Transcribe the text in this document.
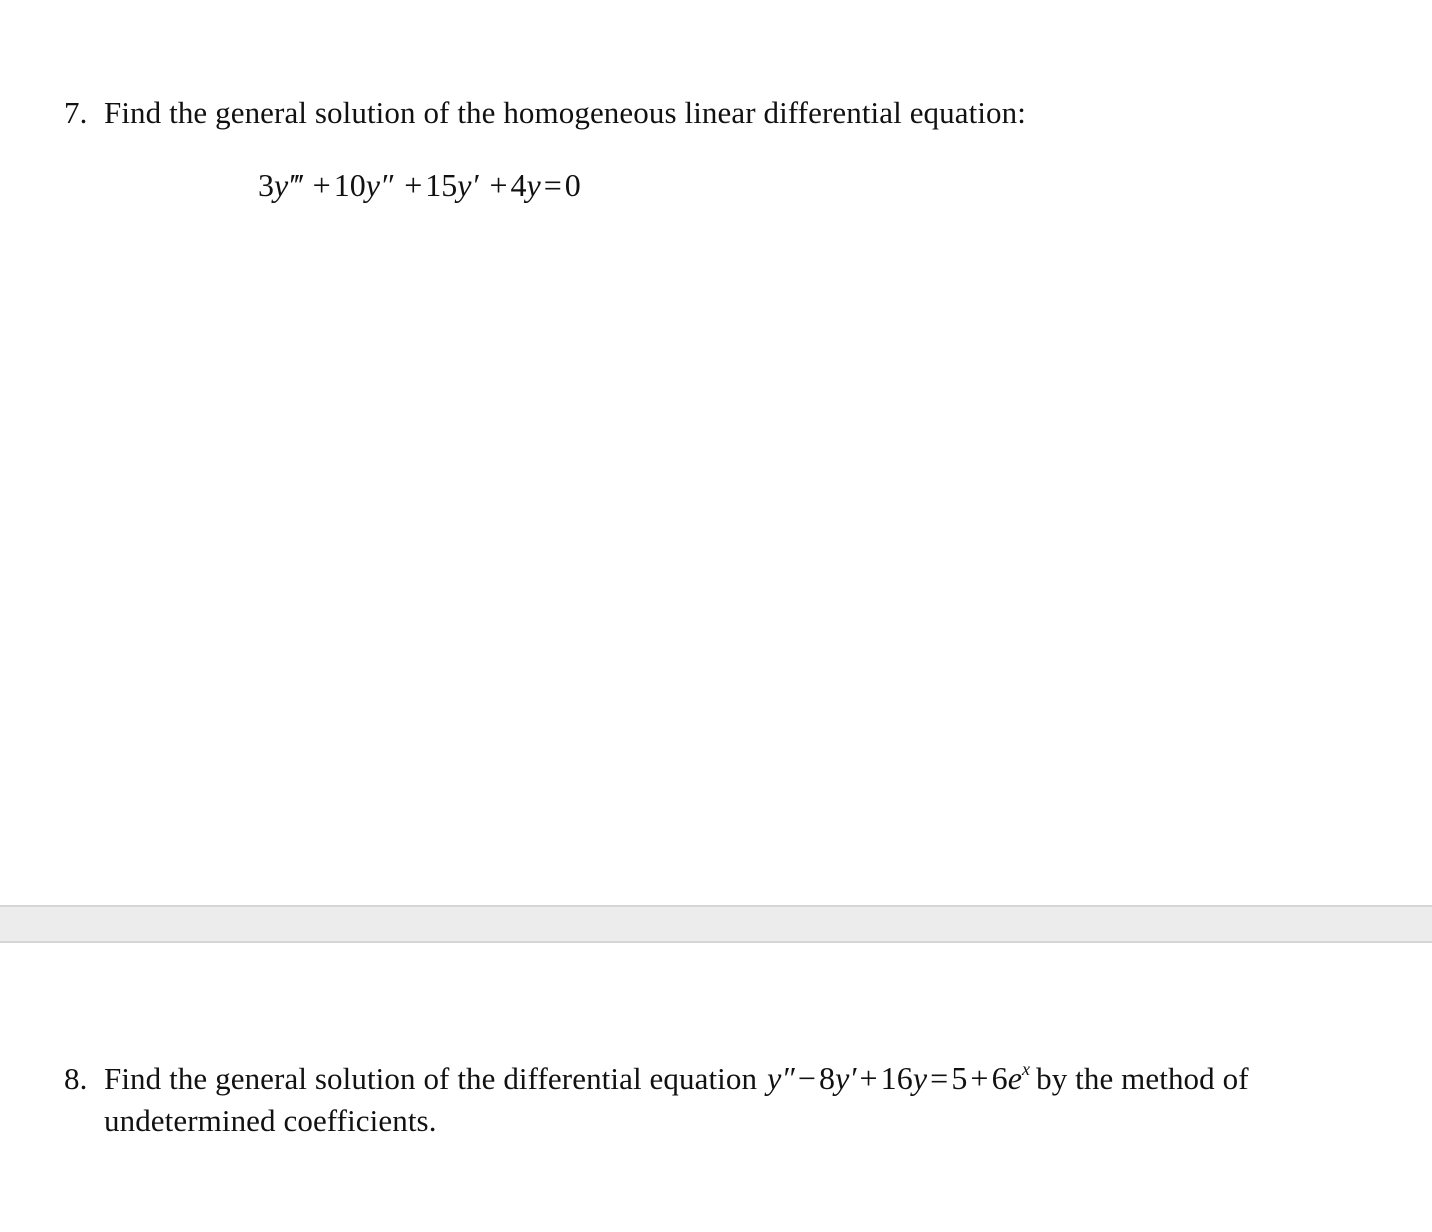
7. Find the general solution of the homogeneous linear differential equation:
3y‴ +10y″ +15y′ +4y=0
8. Find the general solution of the differential equation $y''-8y'+16y=5+6e^x$ by the method of
undetermined coefficients.
